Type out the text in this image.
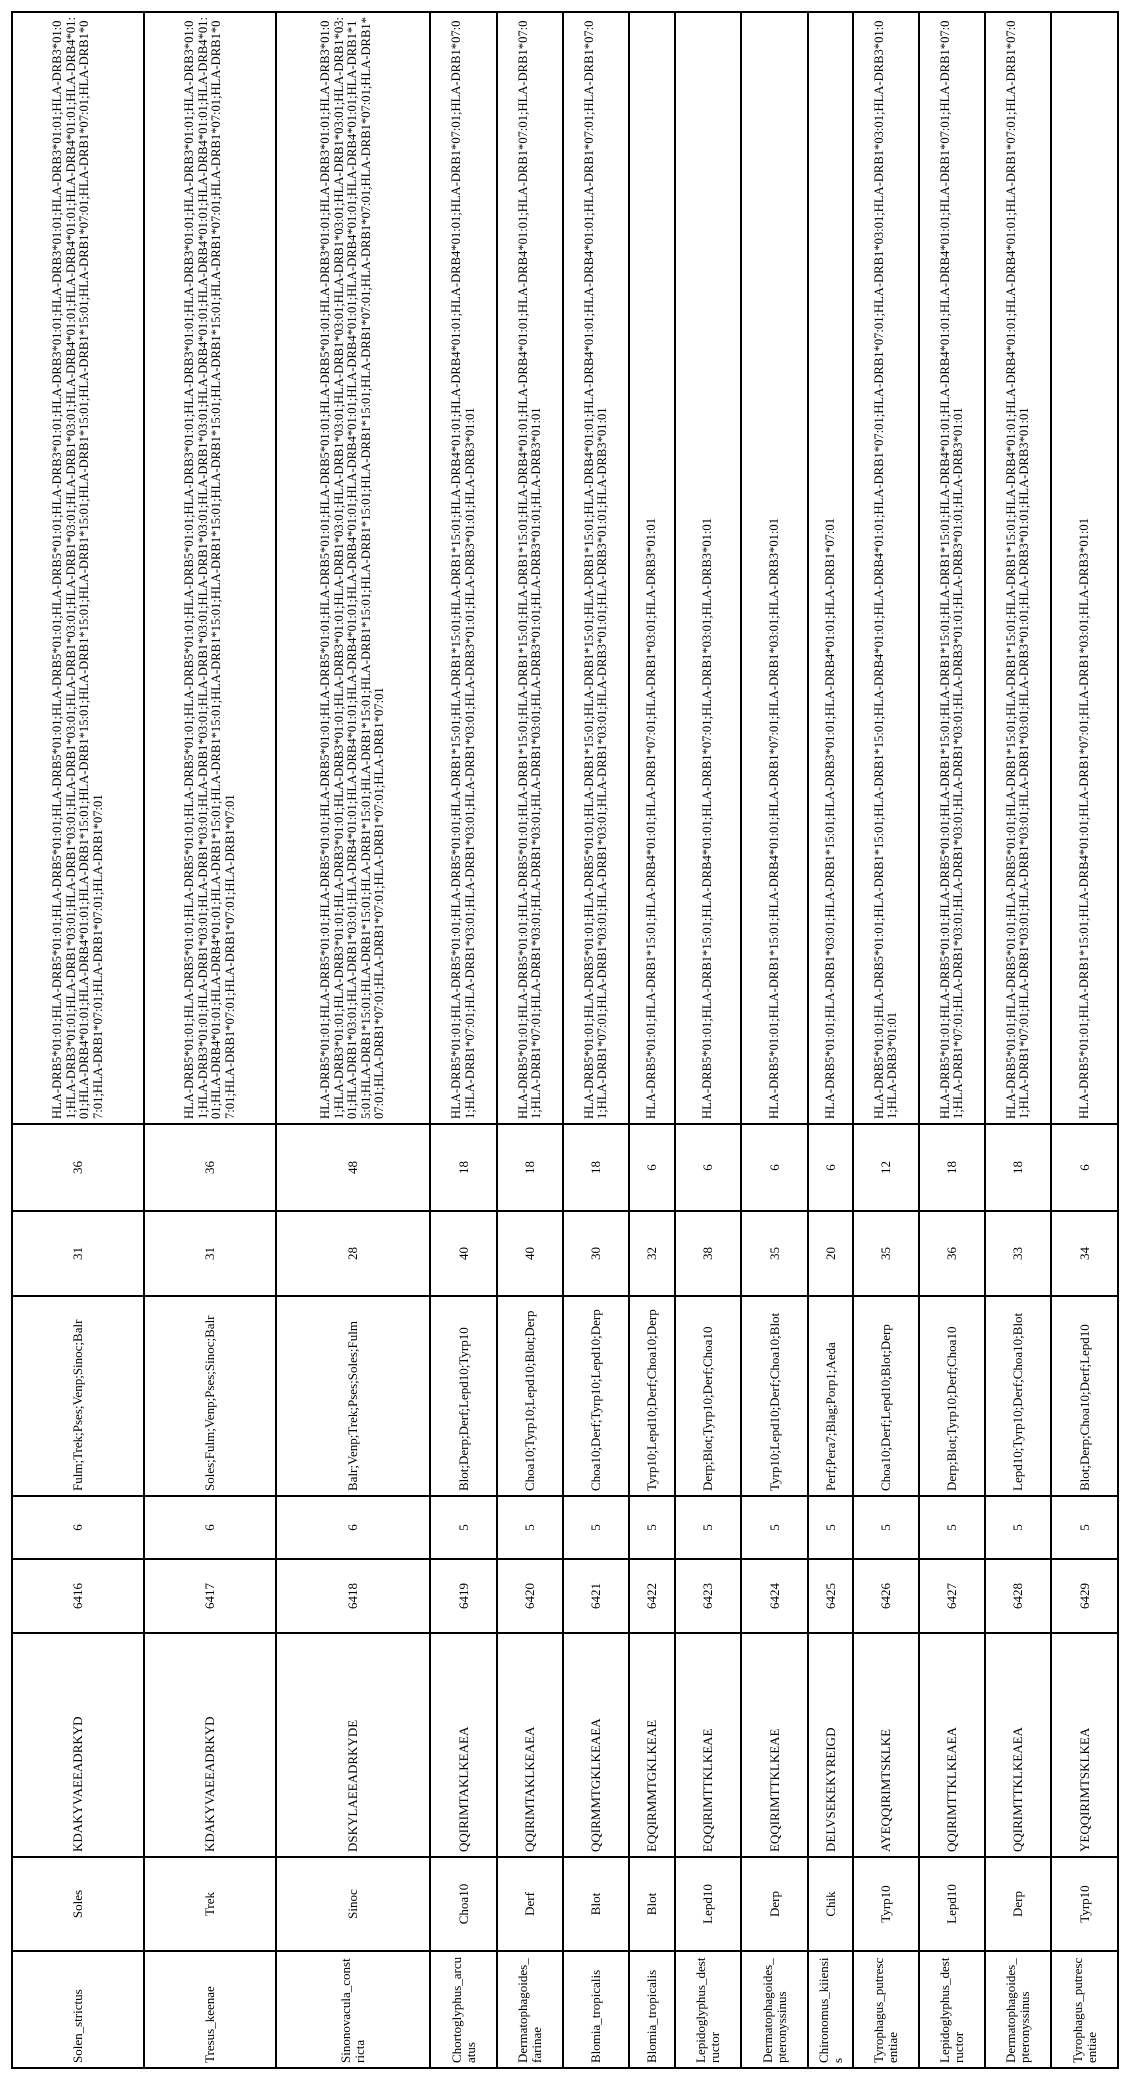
Solen_strictus	Soles	KDAKYVAEEADRKYD	6416	6	Fulm;Trek;Pses;Venp;Sinoc;Balr	31	36	HLA-DRB5*01:01;HLA-DRB5*01:01;HLA-DRB5*01:01;HLA-DRB5*01:01;HLA-DRB5*01:01;HLA-DRB5*01:01;HLA-DRB3*01:01;HLA-DRB3*01:01;HLA-DRB3*01:01;HLA-DRB3*01:01;HLA-DRB3*01:01;HLA-DRB3*01:01;HLA-DRB1*03:01;HLA-DRB1*03:01;HLA-DRB1*03:01;HLA-DRB1*03:01;HLA-DRB1*03:01;HLA-DRB1*03:01;HLA-DRB4*01:01;HLA-DRB4*01:01;HLA-DRB4*01:01;HLA-DRB4*01:01;HLA-DRB4*01:01;HLA-DRB4*01:01;HLA-DRB1*15:01;HLA-DRB1*15:01;HLA-DRB1*15:01;HLA-DRB1*15:01;HLA-DRB1*15:01;HLA-DRB1*15:01;HLA-DRB1*07:01;HLA-DRB1*07:01;HLA-DRB1*07:01;HLA-DRB1*07:01;HLA-DRB1*07:01;HLA-DRB1*07:01
Tresus_keenae	Trek	KDAKYVAEEADRKYD	6417	6	Soles;Fulm;Venp;Pses;Sinoc;Balr	31	36	HLA-DRB5*01:01;HLA-DRB5*01:01;HLA-DRB5*01:01;HLA-DRB5*01:01;HLA-DRB5*01:01;HLA-DRB5*01:01;HLA-DRB3*01:01;HLA-DRB3*01:01;HLA-DRB3*01:01;HLA-DRB3*01:01;HLA-DRB3*01:01;HLA-DRB3*01:01;HLA-DRB1*03:01;HLA-DRB1*03:01;HLA-DRB1*03:01;HLA-DRB1*03:01;HLA-DRB1*03:01;HLA-DRB1*03:01;HLA-DRB4*01:01;HLA-DRB4*01:01;HLA-DRB4*01:01;HLA-DRB4*01:01;HLA-DRB4*01:01;HLA-DRB4*01:01;HLA-DRB1*15:01;HLA-DRB1*15:01;HLA-DRB1*15:01;HLA-DRB1*15:01;HLA-DRB1*15:01;HLA-DRB1*15:01;HLA-DRB1*07:01;HLA-DRB1*07:01;HLA-DRB1*07:01;HLA-DRB1*07:01;HLA-DRB1*07:01;HLA-DRB1*07:01
Sinonovacula_constricta	Sinoc	DSKYLAEEADRKYDE	6418	6	Balr;Venp;Trek;Pses;Soles;Fulm	28	48	HLA-DRB5*01:01;HLA-DRB5*01:01;HLA-DRB5*01:01;HLA-DRB5*01:01;HLA-DRB5*01:01;HLA-DRB5*01:01;HLA-DRB5*01:01;HLA-DRB5*01:01;HLA-DRB3*01:01;HLA-DRB3*01:01;HLA-DRB3*01:01;HLA-DRB3*01:01;HLA-DRB3*01:01;HLA-DRB3*01:01;HLA-DRB3*01:01;HLA-DRB3*01:01;HLA-DRB1*03:01;HLA-DRB1*03:01;HLA-DRB1*03:01;HLA-DRB1*03:01;HLA-DRB1*03:01;HLA-DRB1*03:01;HLA-DRB1*03:01;HLA-DRB1*03:01;HLA-DRB4*01:01;HLA-DRB4*01:01;HLA-DRB4*01:01;HLA-DRB4*01:01;HLA-DRB4*01:01;HLA-DRB4*01:01;HLA-DRB4*01:01;HLA-DRB4*01:01;HLA-DRB1*15:01;HLA-DRB1*15:01;HLA-DRB1*15:01;HLA-DRB1*15:01;HLA-DRB1*15:01;HLA-DRB1*15:01;HLA-DRB1*15:01;HLA-DRB1*15:01;HLA-DRB1*07:01;HLA-DRB1*07:01;HLA-DRB1*07:01;HLA-DRB1*07:01;HLA-DRB1*07:01;HLA-DRB1*07:01;HLA-DRB1*07:01;HLA-DRB1*07:01
Chortoglyphus_arcuatus	Choa10	QQIRIMTAKLKEAEA	6419	5	Blot;Derp;Derf;Lepd10;Tyrp10	40	18	HLA-DRB5*01:01;HLA-DRB5*01:01;HLA-DRB5*01:01;HLA-DRB1*15:01;HLA-DRB1*15:01;HLA-DRB1*15:01;HLA-DRB4*01:01;HLA-DRB4*01:01;HLA-DRB4*01:01;HLA-DRB1*07:01;HLA-DRB1*07:01;HLA-DRB1*07:01;HLA-DRB1*03:01;HLA-DRB1*03:01;HLA-DRB1*03:01;HLA-DRB3*01:01;HLA-DRB3*01:01;HLA-DRB3*01:01
Dermatophagoides_farinae	Derf	QQIRIMTAKLKEAEA	6420	5	Choa10;Tyrp10;Lepd10;Blot;Derp	40	18	HLA-DRB5*01:01;HLA-DRB5*01:01;HLA-DRB5*01:01;HLA-DRB1*15:01;HLA-DRB1*15:01;HLA-DRB1*15:01;HLA-DRB4*01:01;HLA-DRB4*01:01;HLA-DRB4*01:01;HLA-DRB1*07:01;HLA-DRB1*07:01;HLA-DRB1*07:01;HLA-DRB1*03:01;HLA-DRB1*03:01;HLA-DRB1*03:01;HLA-DRB3*01:01;HLA-DRB3*01:01;HLA-DRB3*01:01
Blomia_tropicalis	Blot	QQIRMMTGKLKEAEA	6421	5	Choa10;Derf;Tyrp10;Lepd10;Derp	30	18	HLA-DRB5*01:01;HLA-DRB5*01:01;HLA-DRB5*01:01;HLA-DRB1*15:01;HLA-DRB1*15:01;HLA-DRB1*15:01;HLA-DRB4*01:01;HLA-DRB4*01:01;HLA-DRB4*01:01;HLA-DRB1*07:01;HLA-DRB1*07:01;HLA-DRB1*07:01;HLA-DRB1*03:01;HLA-DRB1*03:01;HLA-DRB1*03:01;HLA-DRB3*01:01;HLA-DRB3*01:01;HLA-DRB3*01:01
Blomia_tropicalis	Blot	EQQIRMMTGKLKEAE	6422	5	Tyrp10;Lepd10;Derf;Choa10;Derp	32	6	HLA-DRB5*01:01;HLA-DRB1*15:01;HLA-DRB4*01:01;HLA-DRB1*07:01;HLA-DRB1*03:01;HLA-DRB3*01:01
Lepidoglyphus_destructor	Lepd10	EQQIRIMTTKLKEAE	6423	5	Derp;Blot;Tyrp10;Derf;Choa10	38	6	HLA-DRB5*01:01;HLA-DRB1*15:01;HLA-DRB4*01:01;HLA-DRB1*07:01;HLA-DRB1*03:01;HLA-DRB3*01:01
Dermatophagoides_pteronyssinus	Derp	EQQIRIMTTKLKEAE	6424	5	Tyrp10;Lepd10;Derf;Choa10;Blot	35	6	HLA-DRB5*01:01;HLA-DRB1*15:01;HLA-DRB4*01:01;HLA-DRB1*07:01;HLA-DRB1*03:01;HLA-DRB3*01:01
Chironomus_kiiensis	Chik	DELVSEKEKYREIGD	6425	5	Perf;Pera7;Blag;Porp1;Aeda	20	6	HLA-DRB5*01:01;HLA-DRB1*03:01;HLA-DRB1*15:01;HLA-DRB3*01:01;HLA-DRB4*01:01;HLA-DRB1*07:01
Tyrophagus_putrescentiae	Tyrp10	AYEQQIRIMTSKLKE	6426	5	Choa10;Derf;Lepd10;Blot;Derp	35	12	HLA-DRB5*01:01;HLA-DRB5*01:01;HLA-DRB1*15:01;HLA-DRB1*15:01;HLA-DRB4*01:01;HLA-DRB4*01:01;HLA-DRB1*07:01;HLA-DRB1*07:01;HLA-DRB1*03:01;HLA-DRB1*03:01;HLA-DRB3*01:01;HLA-DRB3*01:01
Lepidoglyphus_destructor	Lepd10	QQIRIMTTKLKEAEA	6427	5	Derp;Blot;Tyrp10;Derf;Choa10	36	18	HLA-DRB5*01:01;HLA-DRB5*01:01;HLA-DRB5*01:01;HLA-DRB1*15:01;HLA-DRB1*15:01;HLA-DRB1*15:01;HLA-DRB4*01:01;HLA-DRB4*01:01;HLA-DRB4*01:01;HLA-DRB1*07:01;HLA-DRB1*07:01;HLA-DRB1*07:01;HLA-DRB1*03:01;HLA-DRB1*03:01;HLA-DRB1*03:01;HLA-DRB3*01:01;HLA-DRB3*01:01;HLA-DRB3*01:01
Dermatophagoides_pteronyssinus	Derp	QQIRIMTTKLKEAEA	6428	5	Lepd10;Tyrp10;Derf;Choa10;Blot	33	18	HLA-DRB5*01:01;HLA-DRB5*01:01;HLA-DRB5*01:01;HLA-DRB1*15:01;HLA-DRB1*15:01;HLA-DRB1*15:01;HLA-DRB4*01:01;HLA-DRB4*01:01;HLA-DRB4*01:01;HLA-DRB1*07:01;HLA-DRB1*07:01;HLA-DRB1*07:01;HLA-DRB1*03:01;HLA-DRB1*03:01;HLA-DRB1*03:01;HLA-DRB3*01:01;HLA-DRB3*01:01;HLA-DRB3*01:01
Tyrophagus_putrescentiae	Tyrp10	YEQQIRIMTSKLKEA	6429	5	Blot;Derp;Choa10;Derf;Lepd10	34	6	HLA-DRB5*01:01;HLA-DRB1*15:01;HLA-DRB4*01:01;HLA-DRB1*07:01;HLA-DRB1*03:01;HLA-DRB3*01:01
